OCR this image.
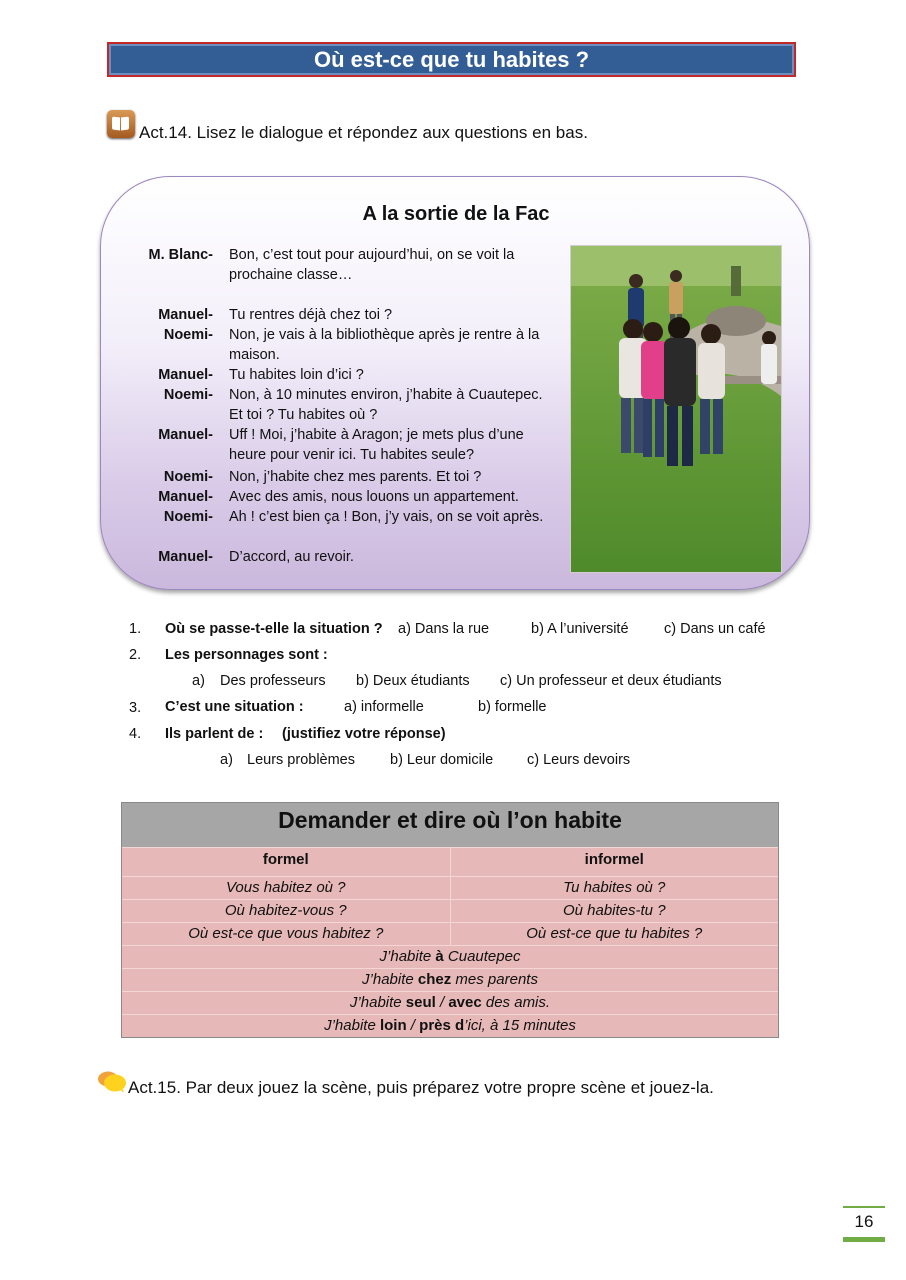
Où est-ce que tu habites ?
Act.14. Lisez le dialogue et répondez aux questions en bas.
A la sortie de la Fac
M. Blanc- Bon, c’est tout pour aujourd’hui, on se voit la prochaine classe…
Manuel- Tu rentres déjà chez toi ?
Noemi- Non, je vais à la bibliothèque après je rentre à la maison.
Manuel- Tu habites loin d’ici ?
Noemi- Non, à 10 minutes environ, j’habite à Cuautepec. Et toi ? Tu habites où ?
Manuel- Uff ! Moi, j’habite à Aragon; je mets plus d’une heure pour venir ici. Tu habites seule?
Noemi- Non, j’habite chez mes parents. Et toi ?
Manuel- Avec des amis, nous louons un appartement.
Noemi- Ah ! c’est bien ça ! Bon, j’y vais, on se voit après.
Manuel- D’accord, au revoir.
1. Où se passe-t-elle la situation ? a) Dans la rue	b) A l’université c) Dans un café
2. Les personnages sont :
a) Des professeurs b) Deux étudiants c) Un professeur et deux étudiants
3. C’est une situation :	a) informelle	b) formelle
4. Ils parlent de : (justifiez votre réponse)
a) Leurs problèmes b) Leur domicile c) Leurs devoirs
Demander et dire où l’on habite
formel	informel
Vous habitez où ?	Tu habites où ?
Où habitez-vous ?	Où habites-tu ?
Où est-ce que vous habitez ?	Où est-ce que tu habites ?
J’habite à Cuautepec
J’habite chez mes parents
J’habite seul / avec des amis.
J’habite loin / près d’ici, à 15 minutes
Act.15. Par deux jouez la scène, puis préparez votre propre scène et jouez-la.
16
